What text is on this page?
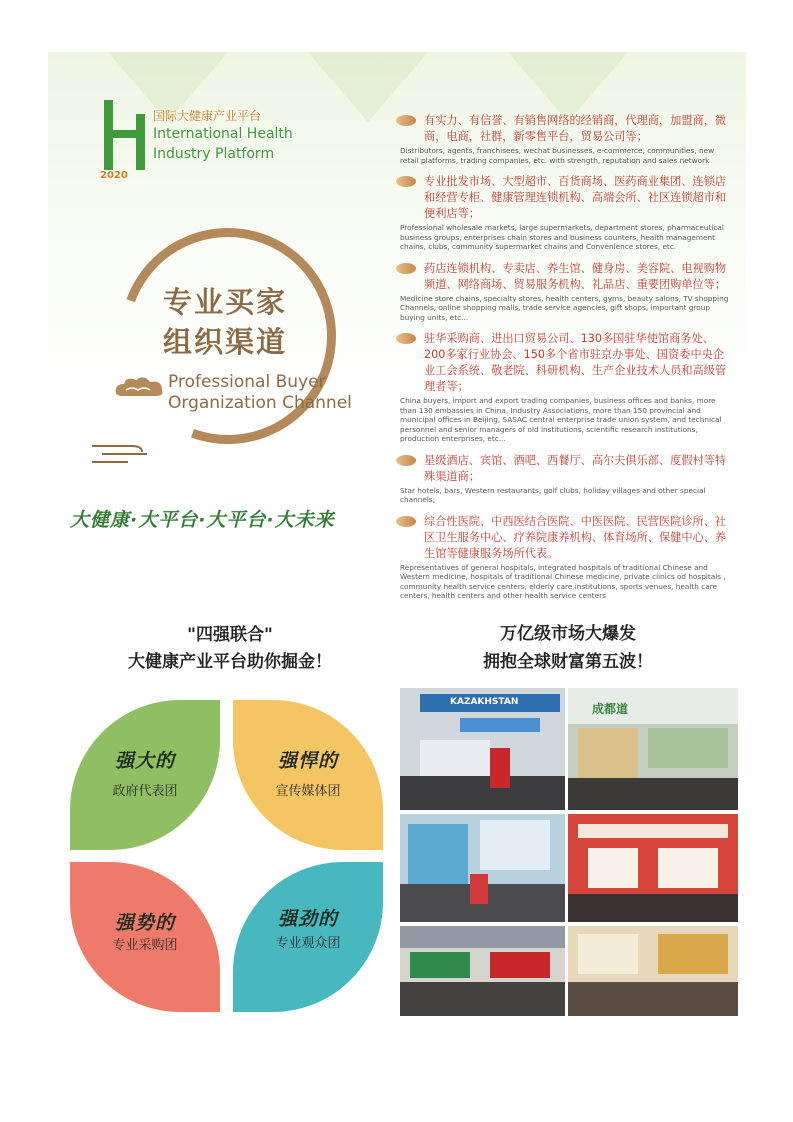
2020
国际大健康产业平台
International Health Industry Platform
专业买家组织渠道
Professional Buyer Organization Channel
大健康·大平台·大平台·大未来
有实力、有信誉、有销售网络的经销商，代理商，加盟商，微商，电商，社群，新零售平台，贸易公司等；
Distributors, agents, franchisees, wechat businesses, e-commerce, communities, new retail platforms, trading companies, etc. with strength, reputation and sales network
专业批发市场、大型超市、百货商场、医药商业集团、连锁店和经营专柜、健康管理连锁机构、高端会所、社区连锁超市和便利店等；
Professional wholesale markets, large supermarkets, department stores, pharmaceutical business groups, enterprises chain stores and business counters, health management chains, clubs, community supermarket chains and Convenience stores, etc.
药店连锁机构、专卖店、养生馆、健身房、美容院、电视购物频道、网络商场、贸易服务机构、礼品店、重要团购单位等；
Medicine store chains, specialty stores, health centers, gyms, beauty salons, TV shopping Channels, online shopping malls, trade service agencies, gift shops, important group buying units, etc...
驻华采购商、进出口贸易公司、130多国驻华使馆商务处、200多家行业协会、150多个省市驻京办事处、国资委中央企业工会系统、敬老院、科研机构、生产企业技术人员和高级管理者等；
China buyers, import and export trading companies, business offices and banks, more than 130 embassies in China, Industry Associations, more than 150 provincial and municipal offices in Beijing, SASAC central enterprise trade union system, and technical personnel and senior managers of old institutions, scientific research institutions, production enterprises, etc...
星级酒店、宾馆、酒吧、西餐厅、高尔夫俱乐部、度假村等特殊渠道商；
Star hotels, bars, Western restaurants, golf clubs, holiday villages and other special channels;
综合性医院、中西医结合医院、中医医院、民营医院诊所、社区卫生服务中心、疗养院康养机构、体育场所、保健中心、养生馆等健康服务场所代表。
Representatives of general hospitals, integrated hospitals of traditional Chinese and Western medicine, hospitals of traditional Chinese medicine, private clinics od hospitals , community health service centers, elderly care institutions, sports venues, health care centers, health centers and other health service centers
"四强联合"
大健康产业平台助你掘金！
万亿级市场大爆发
拥抱全球财富第五波！
强大的
政府代表团
A
强悍的
宣传媒体团
B
C
强势的
专业采购团
D
强劲的
专业观众团
KAZAKHSTAN	成都道
